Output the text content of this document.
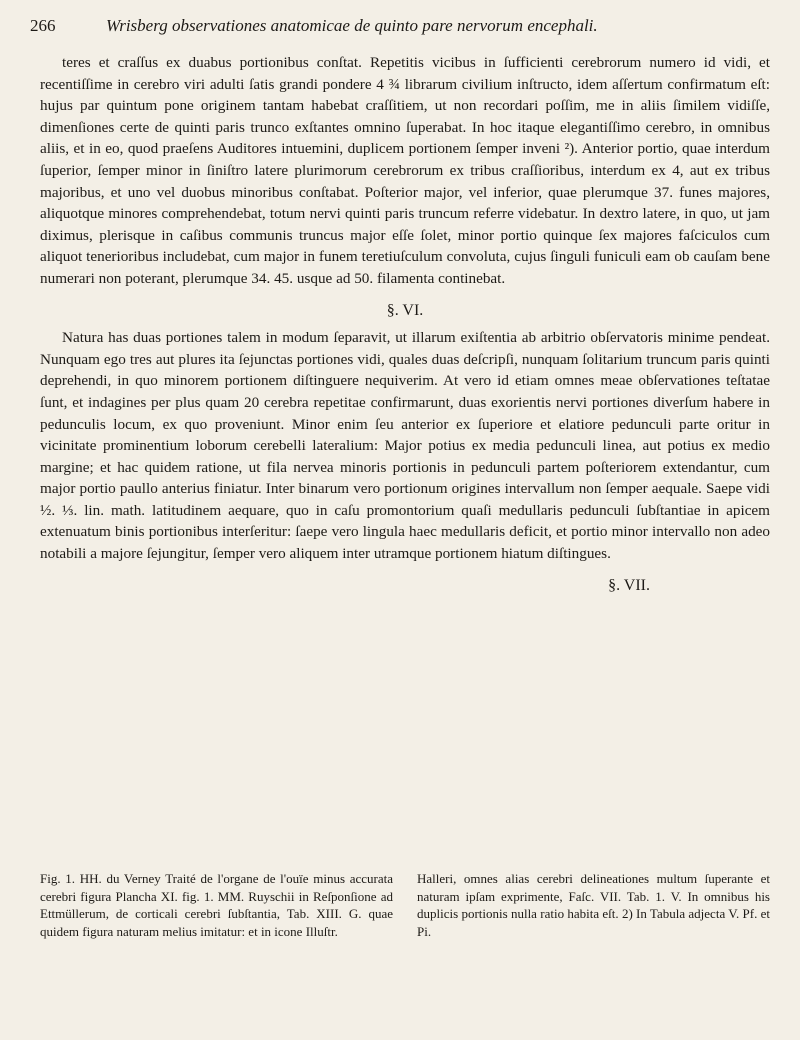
266	Wrisberg observationes anatomicae de quinto pare nervorum encephali.

teres et craſſus ex duabus portionibus conſtat. Repetitis vicibus in ſufficienti cerebrorum numero id vidi, et recentiſſime in cerebro viri adulti ſatis grandi pondere 4 ¾ librarum civilium inſtructo, idem aſſertum confirmatum eſt: hujus par quintum pone originem tantam habebat craſſitiem, ut non recordari poſſim, me in aliis ſimilem vidiſſe, dimenſiones certe de quinti paris trunco exſtantes omnino ſuperabat. In hoc itaque elegantiſſimo cerebro, in omnibus aliis, et in eo, quod praeſens Auditores intuemini, duplicem portionem ſemper inveni ²). Anterior portio, quae interdum ſuperior, ſemper minor in ſiniſtro latere plurimorum cerebrorum ex tribus craſſioribus, interdum ex 4, aut ex tribus majoribus, et uno vel duobus minoribus conſtabat. Poſterior major, vel inferior, quae plerumque 37. funes majores, aliquotque minores comprehendebat, totum nervi quinti paris truncum referre videbatur. In dextro latere, in quo, ut jam diximus, plerisque in caſibus communis truncus major eſſe ſolet, minor portio quinque ſex majores faſciculos cum aliquot tenerioribus includebat, cum major in funem teretiuſculum convoluta, cujus ſinguli funiculi eam ob cauſam bene numerari non poterant, plerumque 34. 45. usque ad 50. filamenta continebat.

§. VI.

Natura has duas portiones talem in modum ſeparavit, ut illarum exiſtentia ab arbitrio obſervatoris minime pendeat. Nunquam ego tres aut plures ita ſejunctas portiones vidi, quales duas deſcripſi, nunquam ſolitarium truncum paris quinti deprehendi, in quo minorem portionem diſtinguere nequiverim. At vero id etiam omnes meae obſervationes teſtatae ſunt, et indagines per plus quam 20 cerebra repetitae confirmarunt, duas exorientis nervi portiones diverſum habere in pedunculis locum, ex quo proveniunt. Minor enim ſeu anterior ex ſuperiore et elatiore pedunculi parte oritur in vicinitate prominentium loborum cerebelli lateralium: Major potius ex media pedunculi linea, aut potius ex medio margine; et hac quidem ratione, ut fila nervea minoris portionis in pedunculi partem poſteriorem extendantur, cum major portio paullo anterius finiatur. Inter binarum vero portionum origines intervallum non ſemper aequale. Saepe vidi ½. ⅓. lin. math. latitudinem aequare, quo in caſu promontorium quaſi medullaris pedunculi ſubſtantiae in apicem extenuatum binis portionibus interſeritur: ſaepe vero lingula haec medullaris deficit, et portio minor intervallo non adeo notabili a majore ſejungitur, ſemper vero aliquem inter utramque portionem hiatum diſtingues.

§. VII.

Fig. 1. HH. du Verney Traité de l'organe de l'ouïe minus accurata cerebri figura Plancha XI. fig. 1. MM. Ruyschii in Reſponſione ad Ettmüllerum, de corticali cerebri ſubſtantia, Tab. XIII. G. quae quidem figura naturam melius imitatur: et in icone Illuſtr.

Halleri, omnes alias cerebri delineationes multum ſuperante et naturam ipſam exprimente, Faſc. VII. Tab. 1. V. In omnibus his duplicis portionis nulla ratio habita eſt. 2) In Tabula adjecta V. Pf. et Pi.
